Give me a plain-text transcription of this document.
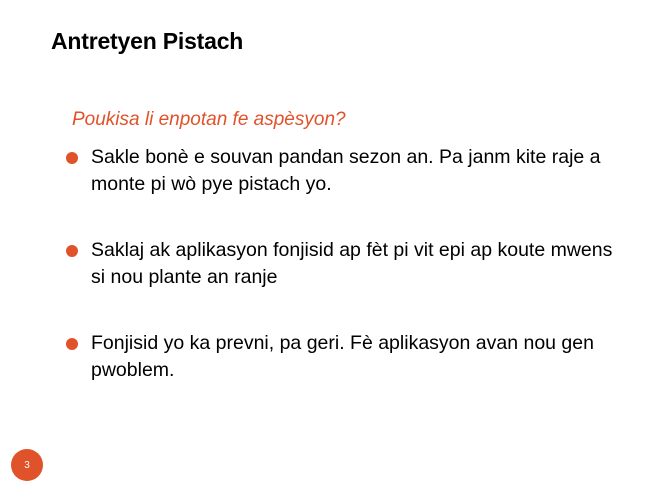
Antretyen Pistach
Poukisa li enpotan fe aspèsyon?
Sakle bonè e souvan pandan sezon an. Pa janm kite raje a monte pi wò pye pistach yo.
Saklaj ak aplikasyon fonjisid ap fèt pi vit epi ap koute mwens si nou plante an ranje
Fonjisid yo ka prevni, pa geri. Fè aplikasyon avan nou gen pwoblem.
3
